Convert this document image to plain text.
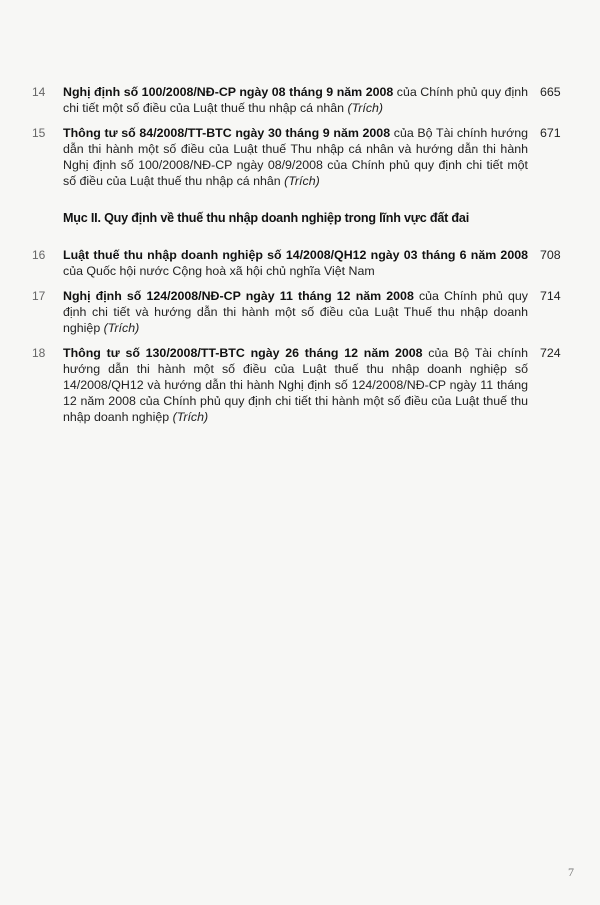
14 Nghị định số 100/2008/NĐ-CP ngày 08 tháng 9 năm 2008 của Chính phủ quy định chi tiết một số điều của Luật thuế thu nhập cá nhân (Trích)
665
15 Thông tư số 84/2008/TT-BTC ngày 30 tháng 9 năm 2008 của Bộ Tài chính hướng dẫn thi hành một số điều của Luật thuế Thu nhập cá nhân và hướng dẫn thi hành Nghị định số 100/2008/NĐ-CP ngày 08/9/2008 của Chính phủ quy định chi tiết một số điều của Luật thuế thu nhập cá nhân (Trích)
671
Mục II. Quy định về thuế thu nhập doanh nghiệp trong lĩnh vực đất đai
16 Luật thuế thu nhập doanh nghiệp số 14/2008/QH12 ngày 03 tháng 6 năm 2008 của Quốc hội nước Cộng hoà xã hội chủ nghĩa Việt Nam
708
17 Nghị định số 124/2008/NĐ-CP ngày 11 tháng 12 năm 2008 của Chính phủ quy định chi tiết và hướng dẫn thi hành một số điều của Luật Thuế thu nhập doanh nghiệp (Trích)
714
18 Thông tư số 130/2008/TT-BTC ngày 26 tháng 12 năm 2008 của Bộ Tài chính hướng dẫn thi hành một số điều của Luật thuế thu nhập doanh nghiệp số 14/2008/QH12 và hướng dẫn thi hành Nghị định số 124/2008/NĐ-CP ngày 11 tháng 12 năm 2008 của Chính phủ quy định chi tiết thi hành một số điều của Luật thuế thu nhập doanh nghiệp (Trích)
724
7
